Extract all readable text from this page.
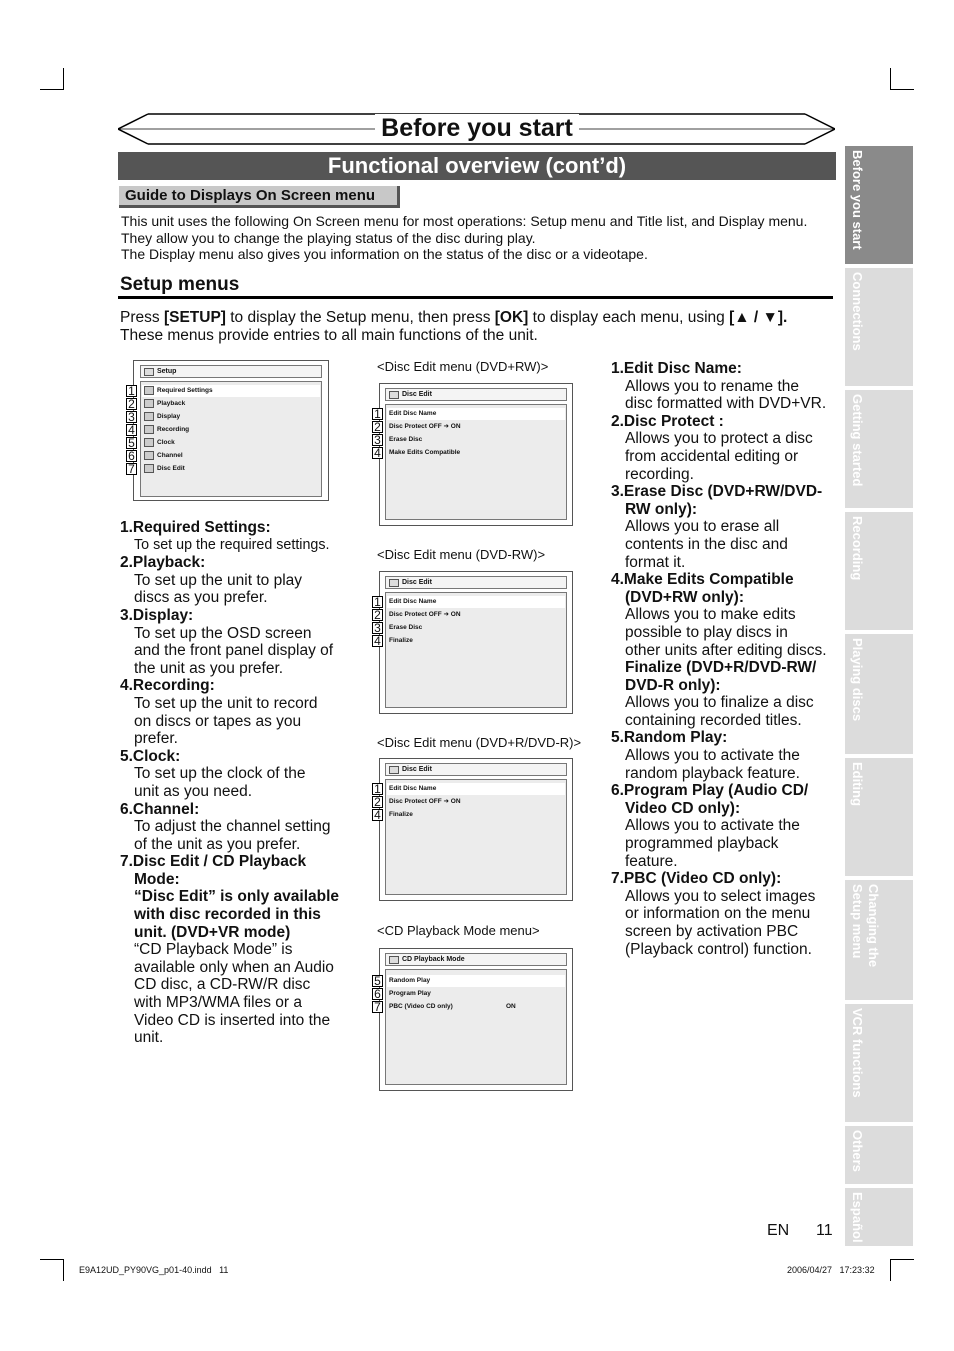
Before you start
Functional overview (cont’d)
Guide to Displays On Screen menu
This unit uses the following On Screen menu for most operations: Setup menu and Title list, and Display menu.
They allow you to change the playing status of the disc during play.
The Display menu also gives you information on the status of the disc or a videotape.
Setup menus
Press [SETUP] to display the Setup menu, then press [OK] to display each menu, using [▲ / ▼].
These menus provide entries to all main functions of the unit.
Setup
Required Settings
Playback
Display
Recording
Clock
Channel
Disc Edit
1
2
3
4
5
6
7
<Disc Edit menu (DVD+RW)>
Disc Edit
Edit Disc Name
Disc Protect OFF ➜ ON
Erase Disc
Make Edits Compatible
1
2
3
4
<Disc Edit menu (DVD-RW)>
Disc Edit
Edit Disc Name
Disc Protect OFF ➜ ON
Erase Disc
Finalize
1
2
3
4
<Disc Edit menu (DVD+R/DVD-R)>
Disc Edit
Edit Disc Name
Disc Protect OFF ➜ ON
Finalize
1
2
4
<CD Playback Mode menu>
CD Playback Mode
Random Play
Program Play
PBC (Video CD only)	ON
5
6
7
1.Required Settings:
To set up the required settings.
2.Playback:
To set up the unit to play
discs as you prefer.
3.Display:
To set up the OSD screen
and the front panel display of
the unit as you prefer.
4.Recording:
To set up the unit to record
on discs or tapes as you
prefer.
5.Clock:
To set up the clock of the
unit as you need.
6.Channel:
To adjust the channel setting
of the unit as you prefer.
7.Disc Edit / CD Playback
Mode:
“Disc Edit” is only available
with disc recorded in this
unit. (DVD+VR mode)
“CD Playback Mode” is
available only when an Audio
CD disc, a CD-RW/R disc
with MP3/WMA files or a
Video CD is inserted into the
unit.
1.Edit Disc Name:
Allows you to rename the
disc formatted with DVD+VR.
2.Disc Protect :
Allows you to protect a disc
from accidental editing or
recording.
3.Erase Disc (DVD+RW/DVD-
RW only):
Allows you to erase all
contents in the disc and
format it.
4.Make Edits Compatible
(DVD+RW only):
Allows you to make edits
possible to play discs in
other units after editing discs.
Finalize (DVD+R/DVD-RW/
DVD-R only):
Allows you to finalize a disc
containing recorded titles.
5.Random Play:
Allows you to activate the
random playback feature.
6.Program Play (Audio CD/
Video CD only):
Allows you to activate the
programmed playback
feature.
7.PBC (Video CD only):
Allows you to select images
or information on the menu
screen by activation PBC
(Playback control) function.
Before you start
Connections
Getting started
Recording
Playing discs
Editing
Changing the
Setup menu
VCR functions
Others
Español
EN 11
E9A12UD_PY90VG_p01-40.indd   11	2006/04/27   17:23:32
